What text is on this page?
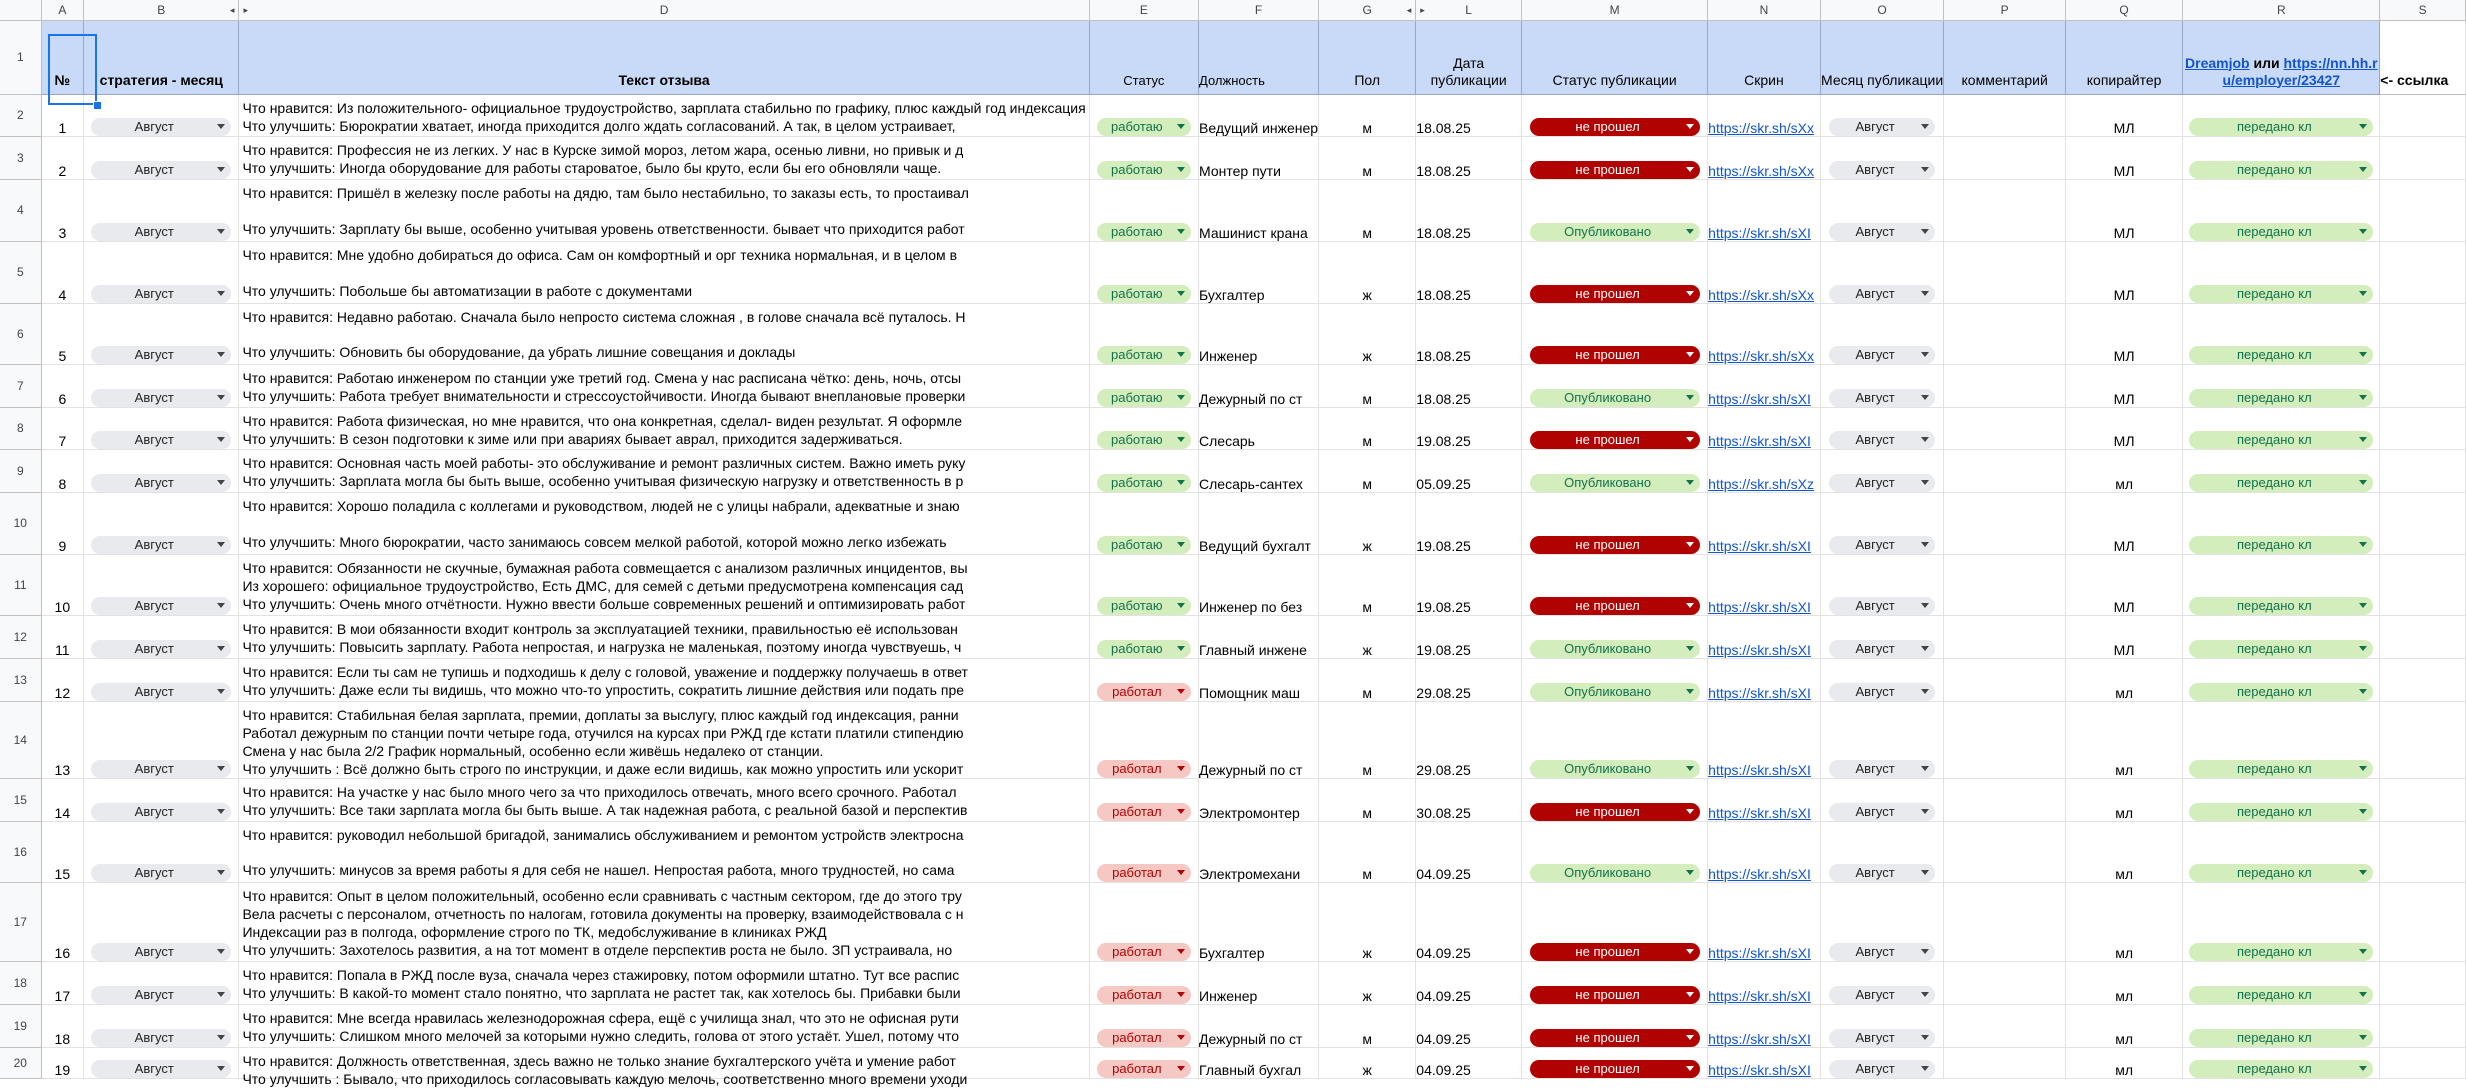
	A	B ◂	▸ D	E	F	G ◂	▸ L	M	N	O	P	Q	R	S
1	№	стратегия - месяц	Текст отзыва	Статус	Должность	Пол	Дата публикации	Статус публикации	Скрин	Месяц публикации	комментарий	копирайтер	Dreamjob или https://nn.hh.ru/employer/23427	<- ссылка
2	1	Август	Что нравится: Из положительного- официальное трудоустройство, зарплата стабильно по графику, плюс каждый год индексация
Что улучшить: Бюрократии хватает, иногда приходится долго ждать согласований. А так, в целом устраивает,	работаю	Ведущий инженер	м	18.08.25	не прошел	https://skr.sh/sXx	Август		МЛ	передано кл	

3	2	Август	Что нравится: Профессия не из легких. У нас в Курске зимой мороз, летом жара, осенью ливни, но привык и д
Что улучшить: Иногда оборудование для работы староватое, было бы круто, если бы его обновляли чаще.	работаю	Монтер пути	м	18.08.25	не прошел	https://skr.sh/sXx	Август		МЛ	передано кл	

4	3	Август	Что нравится: Пришёл в железку после работы на дядю, там было нестабильно, то заказы есть, то простаивал
Что улучшить: Зарплату бы выше, особенно учитывая уровень ответственности. бывает что приходится работ	работаю	Машинист крана	м	18.08.25	Опубликовано	https://skr.sh/sXI	Август		МЛ	передано кл	

5	4	Август	Что нравится: Мне удобно добираться до офиса. Сам он комфортный и орг техника нормальная, и в целом в
Что улучшить: Побольше бы автоматизации в работе с документами	работаю	Бухгалтер	ж	18.08.25	не прошел	https://skr.sh/sXx	Август		МЛ	передано кл	

6	5	Август	Что нравится: Недавно работаю. Сначала было непросто система сложная , в голове сначала всё путалось. Н
Что улучшить: Обновить бы оборудование, да убрать лишние совещания и доклады	работаю	Инженер	ж	18.08.25	не прошел	https://skr.sh/sXx	Август		МЛ	передано кл	

7	6	Август	Что нравится: Работаю инженером по станции уже третий год. Смена у нас расписана чётко: день, ночь, отсы
Что улучшить: Работа требует внимательности и стрессоустойчивости. Иногда бывают внеплановые проверки	работаю	Дежурный по ст	м	18.08.25	Опубликовано	https://skr.sh/sXI	Август		МЛ	передано кл	

8	7	Август	Что нравится: Работа физическая, но мне нравится, что она конкретная, сделал- виден результат. Я оформле
Что улучшить: В сезон подготовки к зиме или при авариях бывает аврал, приходится задерживаться.	работаю	Слесарь	м	19.08.25	не прошел	https://skr.sh/sXI	Август		МЛ	передано кл	

9	8	Август	Что нравится: Основная часть моей работы- это обслуживание и ремонт различных систем. Важно иметь руку
Что улучшить: Зарплата могла бы быть выше, особенно учитывая физическую нагрузку и ответственность в р	работаю	Слесарь-сантех	м	05.09.25	Опубликовано	https://skr.sh/sXz	Август		мл	передано кл	

10	9	Август	Что нравится: Хорошо поладила с коллегами и руководством, людей не с улицы набрали, адекватные и знаю
Что улучшить: Много бюрократии, часто занимаюсь совсем мелкой работой, которой можно легко избежать	работаю	Ведущий бухгалт	ж	19.08.25	не прошел	https://skr.sh/sXI	Август		МЛ	передано кл	

11	10	Август	Что нравится: Обязанности не скучные, бумажная работа совмещается с анализом различных инцидентов, вы
Из хорошего: официальное трудоустройство, Есть ДМС, для семей с детьми предусмотрена компенсация сад
Что улучшить: Очень много отчётности. Нужно ввести больше современных решений и оптимизировать работ	работаю	Инженер по без	м	19.08.25	не прошел	https://skr.sh/sXI	Август		МЛ	передано кл	

12	11	Август	Что нравится: В мои обязанности входит контроль за эксплуатацией техники, правильностью её использован
Что улучшить: Повысить зарплату. Работа непростая, и нагрузка не маленькая, поэтому иногда чувствуешь, ч	работаю	Главный инжене	ж	19.08.25	Опубликовано	https://skr.sh/sXI	Август		МЛ	передано кл	

13	12	Август	Что нравится: Если ты сам не тупишь и подходишь к делу с головой, уважение и поддержку получаешь в ответ
Что улучшить: Даже если ты видишь, что можно что-то упростить, сократить лишние действия или подать пре	работал	Помощник маш	м	29.08.25	Опубликовано	https://skr.sh/sXI	Август		мл	передано кл	

14	13	Август	Что нравится: Стабильная белая зарплата, премии, доплаты за выслугу, плюс каждый год индексация, ранни
Работал дежурным по станции почти четыре года, отучился на курсах при РЖД где кстати платили стипендию
Смена у нас была 2/2 График нормальный, особенно если живёшь недалеко от станции.
Что улучшить : Всё должно быть строго по инструкции, и даже если видишь, как можно упростить или ускорит	работал	Дежурный по ст	м	29.08.25	Опубликовано	https://skr.sh/sXI	Август		мл	передано кл	

15	14	Август	Что нравится: На участке у нас было много чего за что приходилось отвечать, много всего срочного. Работал
Что улучшить: Все таки зарплата могла бы быть выше. А так надежная работа, с реальной базой и перспектив	работал	Электромонтер	м	30.08.25	не прошел	https://skr.sh/sXI	Август		мл	передано кл	

16	15	Август	Что нравится: руководил небольшой бригадой, занимались обслуживанием и ремонтом устройств электросна
Что улучшить: минусов за время работы я для себя не нашел. Непростая работа, много трудностей, но сама	работал	Электромехани	м	04.09.25	Опубликовано	https://skr.sh/sXI	Август		мл	передано кл	

17	16	Август	Что нравится: Опыт в целом положительный, особенно если сравнивать с частным сектором, где до этого тру
Вела расчеты с персоналом, отчетность по налогам, готовила документы на проверку, взаимодействовала с н
Индексации раз в полгода, оформление строго по ТК, медобслуживание в клиниках РЖД
Что улучшить: Захотелось развития, а на тот момент в отделе перспектив роста не было. ЗП устраивала, но	работал	Бухгалтер	ж	04.09.25	не прошел	https://skr.sh/sXI	Август		мл	передано кл	

18	17	Август	Что нравится: Попала в РЖД после вуза, сначала через стажировку, потом оформили штатно. Тут все распис
Что улучшить: В какой-то момент стало понятно, что зарплата не растет так, как хотелось бы. Прибавки были	работал	Инженер	ж	04.09.25	не прошел	https://skr.sh/sXI	Август		мл	передано кл	

19	18	Август	Что нравится: Мне всегда нравилась железнодорожная сфера, ещё с училища знал, что это не офисная рути
Что улучшить: Слишком много мелочей за которыми нужно следить, голова от этого устаёт. Ушел, потому что	работал	Дежурный по ст	м	04.09.25	не прошел	https://skr.sh/sXI	Август		мл	передано кл	

20	19	Август	Что нравится: Должность ответственная, здесь важно не только знание бухгалтерского учёта и умение работ
Что улучшить : Бывало, что приходилось согласовывать каждую мелочь, соответственно много времени уходи	работал	Главный бухгал	ж	04.09.25	не прошел	https://skr.sh/sXI	Август		мл	передано кл	
